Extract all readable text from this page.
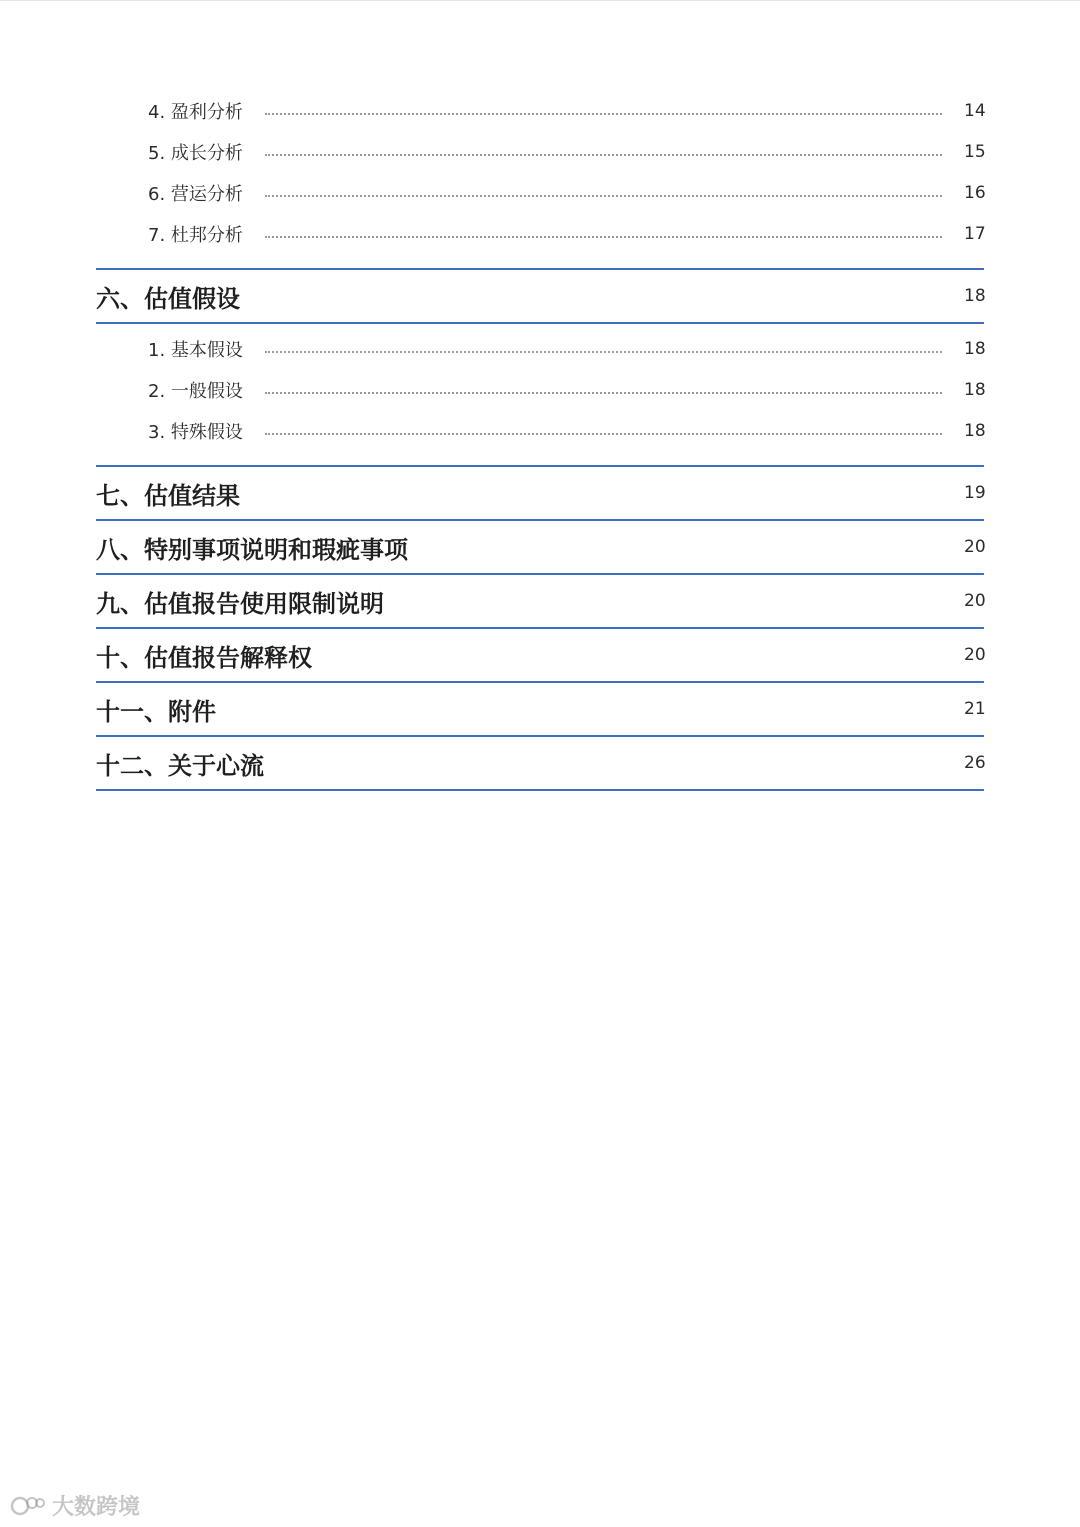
4. 盈利分析	14
5. 成长分析	15
6. 营运分析	16
7. 杜邦分析	17
六、估值假设	18
1. 基本假设	18
2. 一般假设	18
3. 特殊假设	18
七、估值结果	19
八、特别事项说明和瑕疵事项	20
九、估值报告使用限制说明	20
十、估值报告解释权	20
十一、附件	21
十二、关于心流	26
大数跨境
